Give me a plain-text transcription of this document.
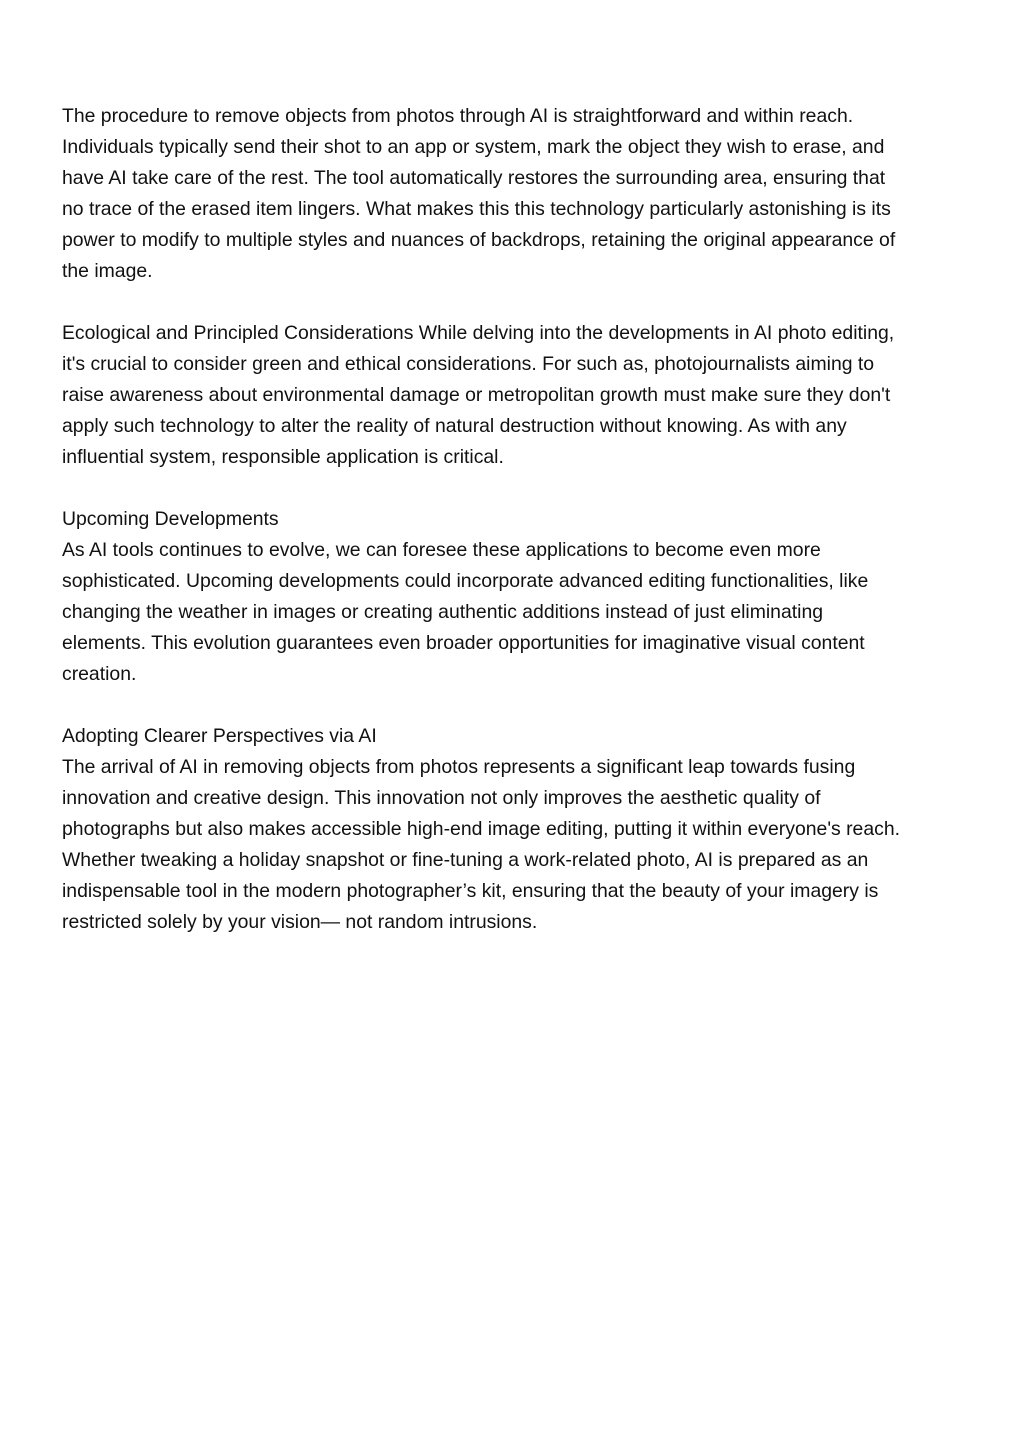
The procedure to remove objects from photos through AI is straightforward and within reach.
Individuals typically send their shot to an app or system, mark the object they wish to erase, and
have AI take care of the rest. The tool automatically restores the surrounding area, ensuring that
no trace of the erased item lingers. What makes this this technology particularly astonishing is its
power to modify to multiple styles and nuances of backdrops, retaining the original appearance of
the image.
Ecological and Principled Considerations While delving into the developments in AI photo editing,
it's crucial to consider green and ethical considerations. For such as, photojournalists aiming to
raise awareness about environmental damage or metropolitan growth must make sure they don't
apply such technology to alter the reality of natural destruction without knowing. As with any
influential system, responsible application is critical.
Upcoming Developments
As AI tools continues to evolve, we can foresee these applications to become even more
sophisticated. Upcoming developments could incorporate advanced editing functionalities, like
changing the weather in images or creating authentic additions instead of just eliminating
elements. This evolution guarantees even broader opportunities for imaginative visual content
creation.
Adopting Clearer Perspectives via AI
The arrival of AI in removing objects from photos represents a significant leap towards fusing
innovation and creative design. This innovation not only improves the aesthetic quality of
photographs but also makes accessible high-end image editing, putting it within everyone's reach.
Whether tweaking a holiday snapshot or fine-tuning a work-related photo, AI is prepared as an
indispensable tool in the modern photographer’s kit, ensuring that the beauty of your imagery is
restricted solely by your vision— not random intrusions.
